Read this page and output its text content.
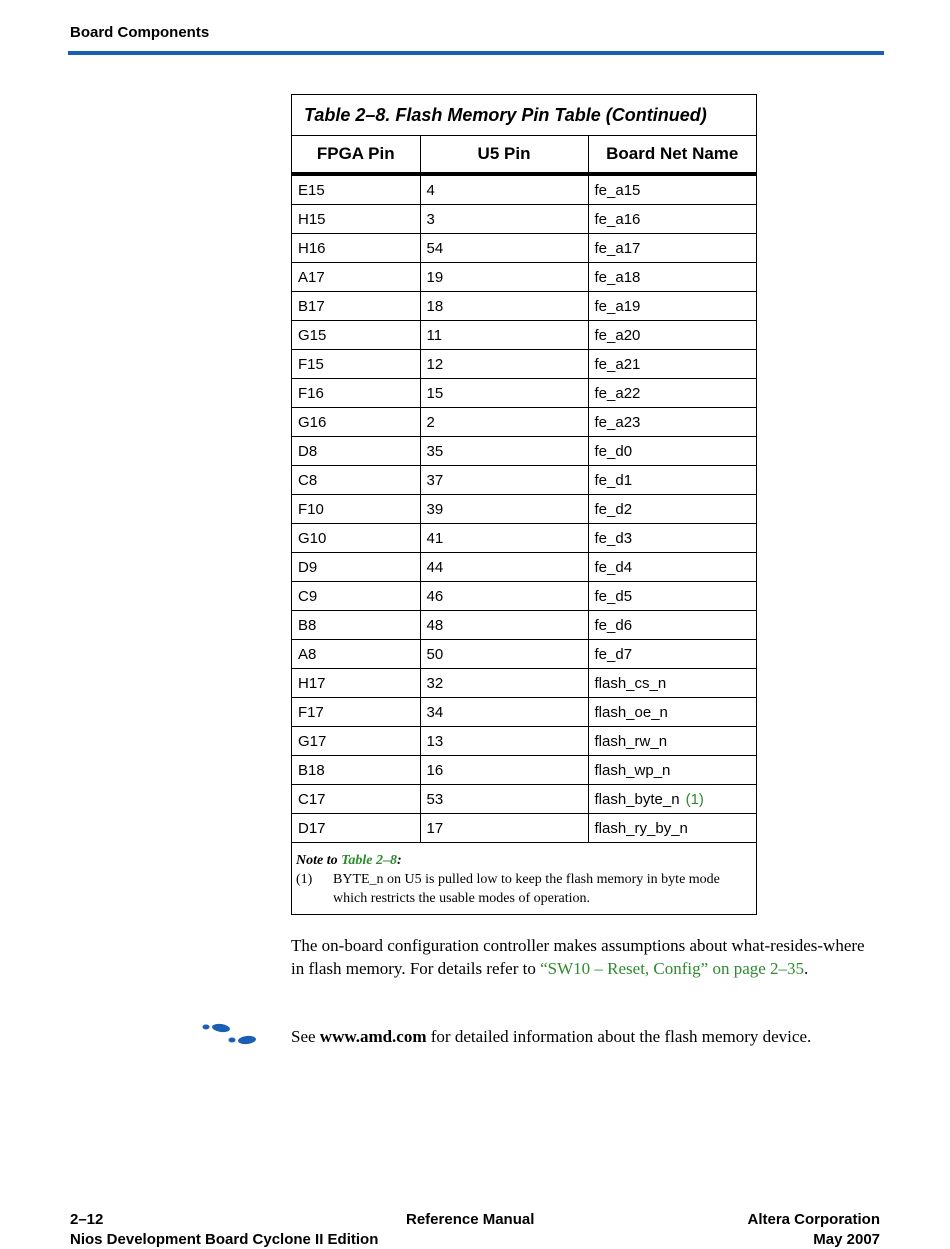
Board Components
Table 2–8. Flash Memory Pin Table (Continued)
FPGA Pin	U5 Pin	Board Net Name
E15	4	fe_a15
H15	3	fe_a16
H16	54	fe_a17
A17	19	fe_a18
B17	18	fe_a19
G15	11	fe_a20
F15	12	fe_a21
F16	15	fe_a22
G16	2	fe_a23
D8	35	fe_d0
C8	37	fe_d1
F10	39	fe_d2
G10	41	fe_d3
D9	44	fe_d4
C9	46	fe_d5
B8	48	fe_d6
A8	50	fe_d7
H17	32	flash_cs_n
F17	34	flash_oe_n
G17	13	flash_rw_n
B18	16	flash_wp_n
C17	53	flash_byte_n (1)
D17	17	flash_ry_by_n
Note to Table 2–8:
(1)	BYTE_n on U5 is pulled low to keep the flash memory in byte mode which restricts the usable modes of operation.
The on-board configuration controller makes assumptions about what-resides-where in flash memory. For details refer to “SW10 – Reset, Config” on page 2–35.
See www.amd.com for detailed information about the flash memory device.
2–12	Reference Manual	Altera Corporation
Nios Development Board Cyclone II Edition	May 2007
